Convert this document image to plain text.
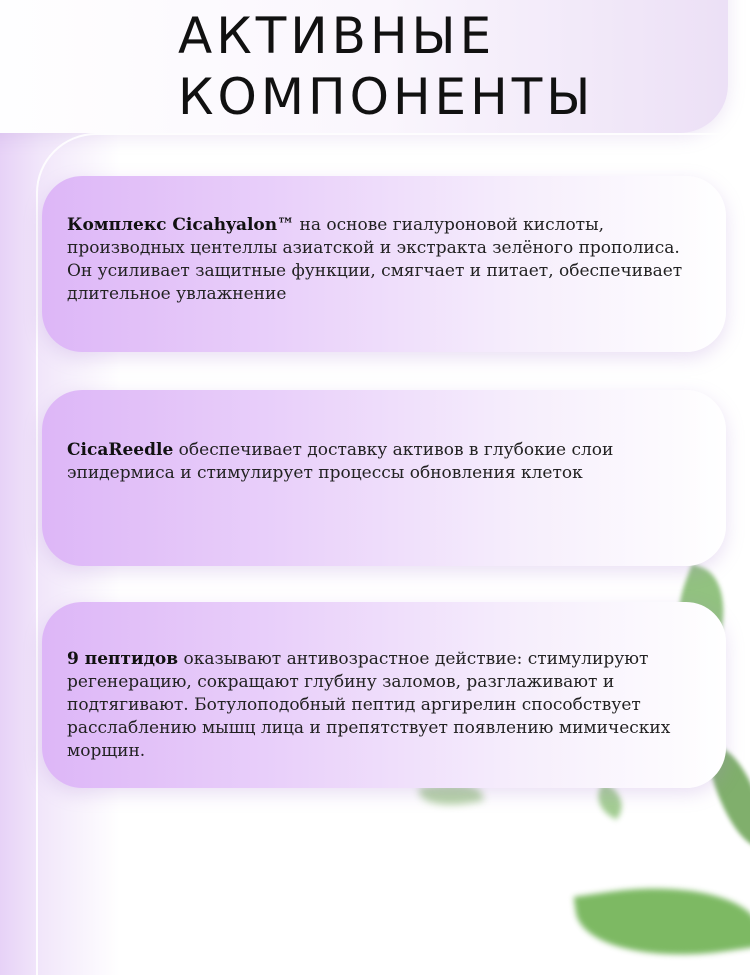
АКТИВНЫЕ
КОМПОНЕНТЫ

Комплекс Cicahyalon™ на основе гиалуроновой кислоты, производных центеллы азиатской и экстракта зелёного прополиса. Он усиливает защитные функции, смягчает и питает, обеспечивает длительное увлажнение

CicaReedle обеспечивает доставку активов в глубокие слои эпидермиса и стимулирует процессы обновления клеток

9 пептидов оказывают антивозрастное действие: стимулируют регенерацию, сокращают глубину заломов, разглаживают и подтягивают. Ботулоподобный пептид аргирелин способствует расслаблению мышц лица и препятствует появлению мимических морщин.
